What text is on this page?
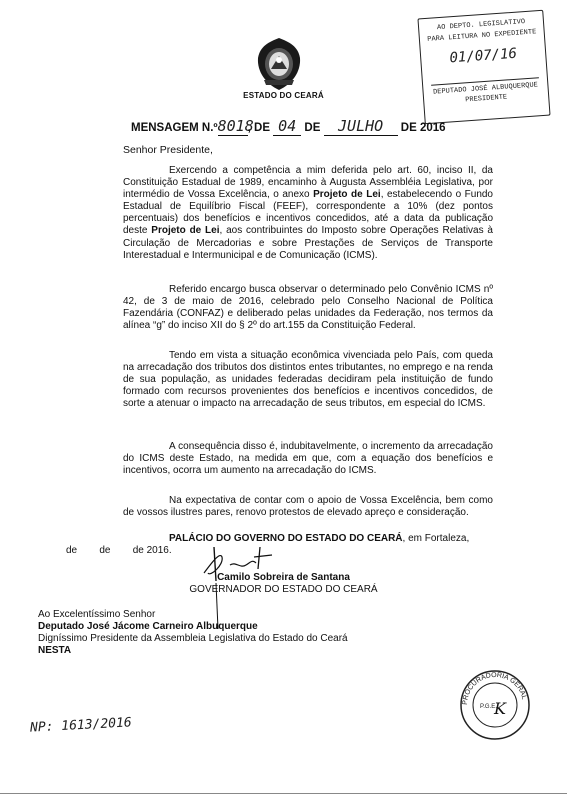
ESTADO DO CEARÁ
AO DEPTO. LEGISLATIVO
PARA LEITURA NO EXPEDIENTE
01/07/16
DEPUTADO JOSÉ ALBUQUERQUE
PRESIDENTE
MENSAGEM N.º8018, DE 04 DE JULHO DE 2016
Senhor Presidente,
Exercendo a competência a mim deferida pelo art. 60, inciso II, da Constituição Estadual de 1989, encaminho à Augusta Assembléia Legislativa, por intermédio de Vossa Excelência, o anexo Projeto de Lei, estabelecendo o Fundo Estadual de Equilíbrio Fiscal (FEEF), correspondente a 10% (dez pontos percentuais) dos benefícios e incentivos concedidos, até a data da publicação deste Projeto de Lei, aos contribuintes do Imposto sobre Operações Relativas à Circulação de Mercadorias e sobre Prestações de Serviços de Transporte Interestadual e Intermunicipal e de Comunicação (ICMS).
Referido encargo busca observar o determinado pelo Convênio ICMS nº 42, de 3 de maio de 2016, celebrado pelo Conselho Nacional de Política Fazendária (CONFAZ) e deliberado pelas unidades da Federação, nos termos da alínea “g” do inciso XII do § 2º do art.155 da Constituição Federal.
Tendo em vista a situação econômica vivenciada pelo País, com queda na arrecadação dos tributos dos distintos entes tributantes, no emprego e na renda de sua população, as unidades federadas decidiram pela instituição de fundo formado com recursos provenientes dos benefícios e incentivos concedidos, de sorte a atenuar o impacto na arrecadação de seus tributos, em especial do ICMS.
A consequência disso é, indubitavelmente, o incremento da arrecadação do ICMS deste Estado, na medida em que, com a equação dos benefícios e incentivos, ocorra um aumento na arrecadação do ICMS.
Na expectativa de contar com o apoio de Vossa Excelência, bem como de vossos ilustres pares, renovo protestos de elevado apreço e consideração.
PALÁCIO DO GOVERNO DO ESTADO DO CEARÁ, em Fortaleza,
de        de        de 2016.
Camilo Sobreira de Santana
GOVERNADOR DO ESTADO DO CEARÁ
Ao Excelentíssimo Senhor
Deputado José Jácome Carneiro Albuquerque
Digníssimo Presidente da Assembleia Legislativa do Estado do Ceará
NESTA
NP: 1613/2016
PROCURADORIA GERAL
P.G.E.
K
